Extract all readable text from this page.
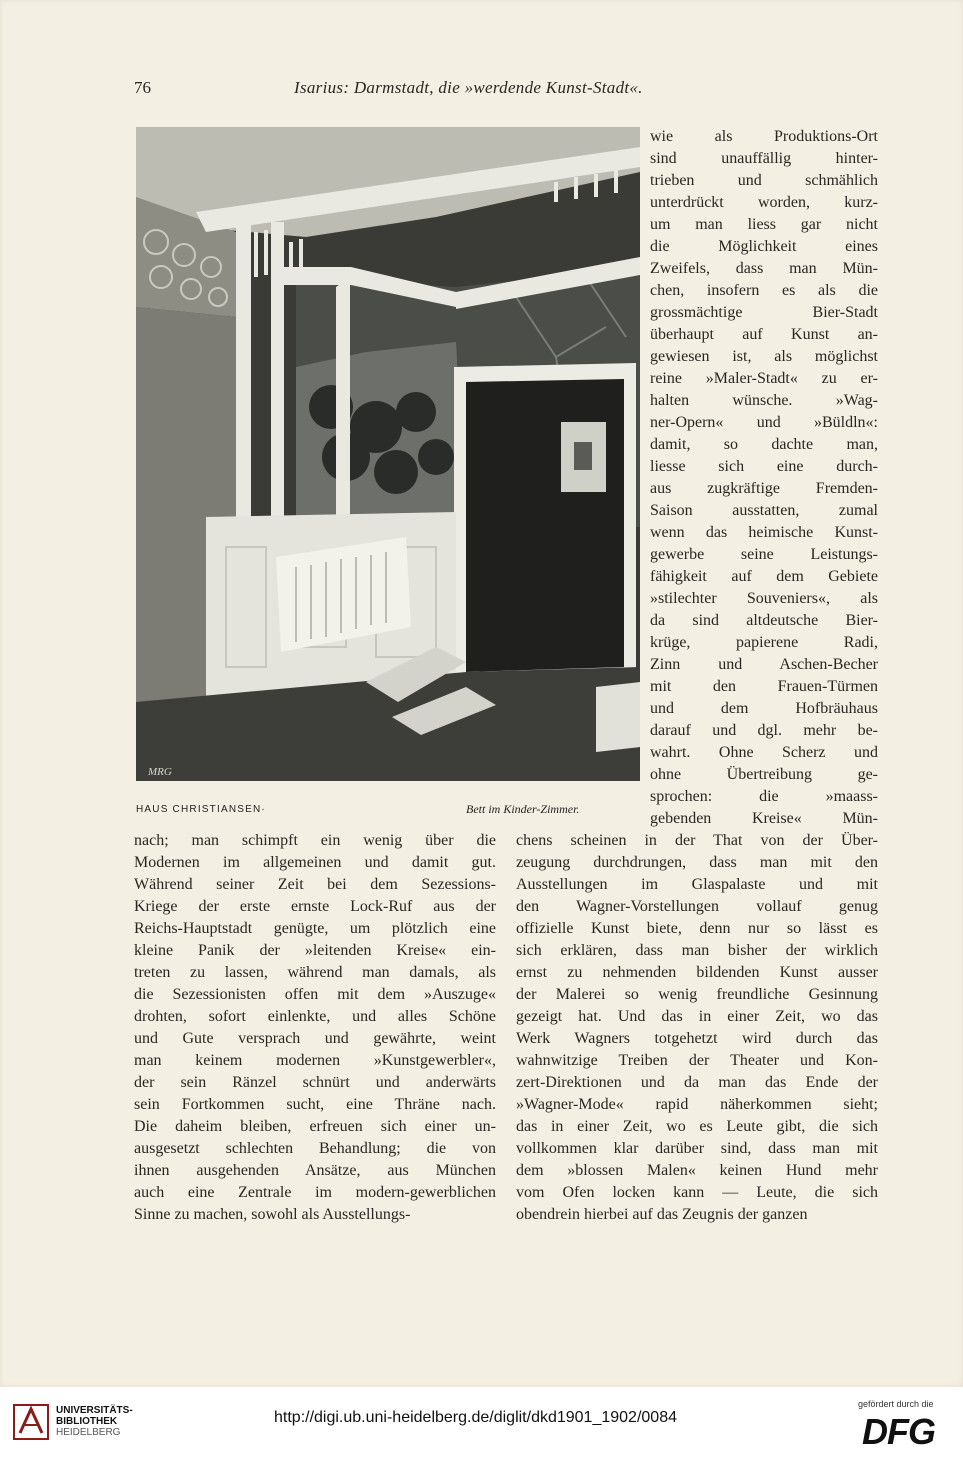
76	Isarius: Darmstadt, die »werdende Kunst-Stadt«.
MRG
HAUS CHRISTIANSEN·	Bett im Kinder-Zimmer.
wie als Produktions-Ort
sind unauffällig hinter-
trieben und schmählich
unterdrückt worden, kurz-
um man liess gar nicht
die Möglichkeit eines
Zweifels, dass man Mün-
chen, insofern es als die
grossmächtige Bier-Stadt
überhaupt auf Kunst an-
gewiesen ist, als möglichst
reine »Maler-Stadt« zu er-
halten wünsche. »Wag-
ner-Opern« und »Büldln«:
damit, so dachte man,
liesse sich eine durch-
aus zugkräftige Fremden-
Saison ausstatten, zumal
wenn das heimische Kunst-
gewerbe seine Leistungs-
fähigkeit auf dem Gebiete
»stilechter Souveniers«, als
da sind altdeutsche Bier-
krüge, papierene Radi,
Zinn und Aschen-Becher
mit den Frauen-Türmen
und dem Hofbräuhaus
darauf und dgl. mehr be-
wahrt. Ohne Scherz und
ohne Übertreibung ge-
sprochen: die »maass-
gebenden Kreise« Mün-
nach; man schimpft ein wenig über die
Modernen im allgemeinen und damit gut.
Während seiner Zeit bei dem Sezessions-
Kriege der erste ernste Lock-Ruf aus der
Reichs-Hauptstadt genügte, um plötzlich eine
kleine Panik der »leitenden Kreise« ein-
treten zu lassen, während man damals, als
die Sezessionisten offen mit dem »Auszuge«
drohten, sofort einlenkte, und alles Schöne
und Gute versprach und gewährte, weint
man keinem modernen »Kunstgewerbler«,
der sein Ränzel schnürt und anderwärts
sein Fortkommen sucht, eine Thräne nach.
Die daheim bleiben, erfreuen sich einer un-
ausgesetzt schlechten Behandlung; die von
ihnen ausgehenden Ansätze, aus München
auch eine Zentrale im modern-gewerblichen
Sinne zu machen, sowohl als Ausstellungs-
chens scheinen in der That von der Über-
zeugung durchdrungen, dass man mit den
Ausstellungen im Glaspalaste und mit
den Wagner-Vorstellungen vollauf genug
offizielle Kunst biete, denn nur so lässt es
sich erklären, dass man bisher der wirklich
ernst zu nehmenden bildenden Kunst ausser
der Malerei so wenig freundliche Gesinnung
gezeigt hat. Und das in einer Zeit, wo das
Werk Wagners totgehetzt wird durch das
wahnwitzige Treiben der Theater und Kon-
zert-Direktionen und da man das Ende der
»Wagner-Mode« rapid näherkommen sieht;
das in einer Zeit, wo es Leute gibt, die sich
vollkommen klar darüber sind, dass man mit
dem »blossen Malen« keinen Hund mehr
vom Ofen locken kann — Leute, die sich
obendrein hierbei auf das Zeugnis der ganzen
UNIVERSITÄTS-
BIBLIOTHEK
HEIDELBERG
http://digi.ub.uni-heidelberg.de/diglit/dkd1901_1902/0084
gefördert durch die
DFG
